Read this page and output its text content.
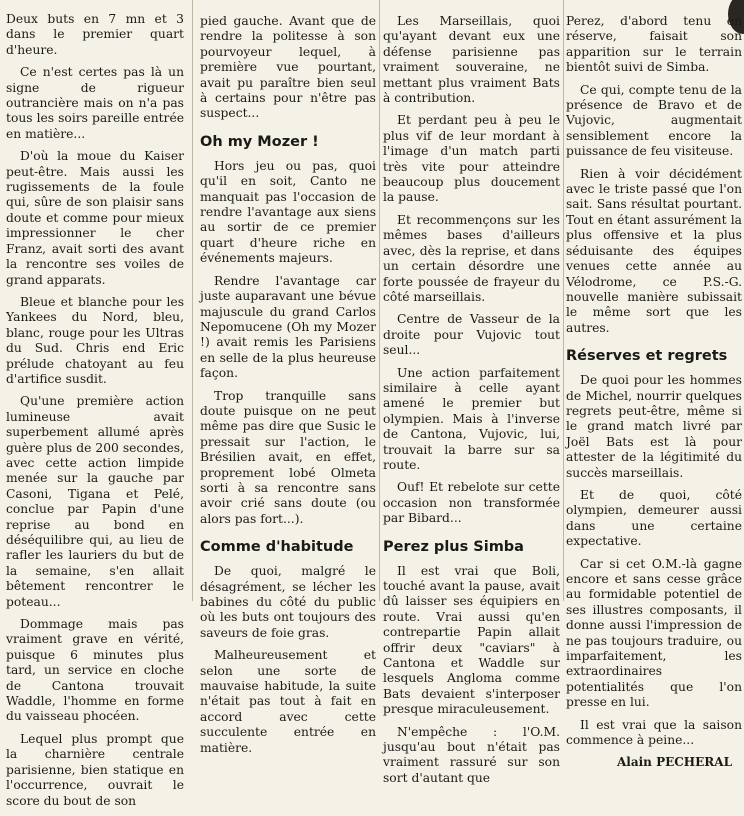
Deux buts en 7 mn et 3 dans le premier quart d'heure.

Ce n'est certes pas là un signe de rigueur outrancière mais on n'a pas tous les soirs pareille entrée en matière...

D'où la moue du Kaiser peut-être. Mais aussi les rugissements de la foule qui, sûre de son plaisir sans doute et comme pour mieux impressionner le cher Franz, avait sorti des avant la rencontre ses voiles de grand apparats.

Bleue et blanche pour les Yankees du Nord, bleu, blanc, rouge pour les Ultras du Sud. Chris end Eric prélude chatoyant au feu d'artifice susdit.

Qu'une première action lumineuse avait superbement allumé après guère plus de 200 secondes, avec cette action limpide menée sur la gauche par Casoni, Tigana et Pelé, conclue par Papin d'une reprise au bond en déséquilibre qui, au lieu de rafler les lauriers du but de la semaine, s'en allait bêtement rencontrer le poteau...

Dommage mais pas vraiment grave en vérité, puisque 6 minutes plus tard, un service en cloche de Cantona trouvait Waddle, l'homme en forme du vaisseau phocéen.

Lequel plus prompt que la charnière centrale parisienne, bien statique en l'occurrence, ouvrait le score du bout de son

pied gauche. Avant que de rendre la politesse à son pourvoyeur lequel, à première vue pourtant, avait pu paraître bien seul à certains pour n'être pas suspect...

Oh my Mozer !

Hors jeu ou pas, quoi qu'il en soit, Canto ne manquait pas l'occasion de rendre l'avantage aux siens au sortir de ce premier quart d'heure riche en événements majeurs.

Rendre l'avantage car juste auparavant une bévue majuscule du grand Carlos Nepomucene (Oh my Mozer !) avait remis les Parisiens en selle de la plus heureuse façon.

Trop tranquille sans doute puisque on ne peut même pas dire que Susic le pressait sur l'action, le Brésilien avait, en effet, proprement lobé Olmeta sorti à sa rencontre sans avoir crié sans doute (ou alors pas fort...).

Comme d'habitude

De quoi, malgré le désagrément, se lécher les babines du côté du public où les buts ont toujours des saveurs de foie gras.

Malheureusement et selon une sorte de mauvaise habitude, la suite n'était pas tout à fait en accord avec cette succulente entrée en matière.

Les Marseillais, quoi qu'ayant devant eux une défense parisienne pas vraiment souveraine, ne mettant plus vraiment Bats à contribution.

Et perdant peu à peu le plus vif de leur mordant à l'image d'un match parti très vite pour atteindre beaucoup plus doucement la pause.

Et recommençons sur les mêmes bases d'ailleurs avec, dès la reprise, et dans un certain désordre une forte poussée de frayeur du côté marseillais.

Centre de Vasseur de la droite pour Vujovic tout seul...

Une action parfaitement similaire à celle ayant amené le premier but olympien. Mais à l'inverse de Cantona, Vujovic, lui, trouvait la barre sur sa route.

Ouf! Et rebelote sur cette occasion non transformée par Bibard...

Perez plus Simba

Il est vrai que Boli, touché avant la pause, avait dû laisser ses équipiers en route. Vrai aussi qu'en contrepartie Papin allait offrir deux "caviars" à Cantona et Waddle sur lesquels Angloma comme Bats devaient s'interposer presque miraculeusement.

N'empêche : l'O.M. jusqu'au bout n'était pas vraiment rassuré sur son sort d'autant que

Perez, d'abord tenu en réserve, faisait son apparition sur le terrain bientôt suivi de Simba.

Ce qui, compte tenu de la présence de Bravo et de Vujovic, augmentait sensiblement encore la puissance de feu visiteuse.

Rien à voir décidément avec le triste passé que l'on sait. Sans résultat pourtant. Tout en étant assurément la plus offensive et la plus séduisante des équipes venues cette année au Vélodrome, ce P.S.-G. nouvelle manière subissait le même sort que les autres.

Réserves et regrets

De quoi pour les hommes de Michel, nourrir quelques regrets peut-être, même si le grand match livré par Joël Bats est là pour attester de la légitimité du succès marseillais.

Et de quoi, côté olympien, demeurer aussi dans une certaine expectative.

Car si cet O.M.-là gagne encore et sans cesse grâce au formidable potentiel de ses illustres composants, il donne aussi l'impression de ne pas toujours traduire, ou imparfaitement, les extraordinaires potentialités que l'on presse en lui.

Il est vrai que la saison commence à peine...

Alain PECHERAL
